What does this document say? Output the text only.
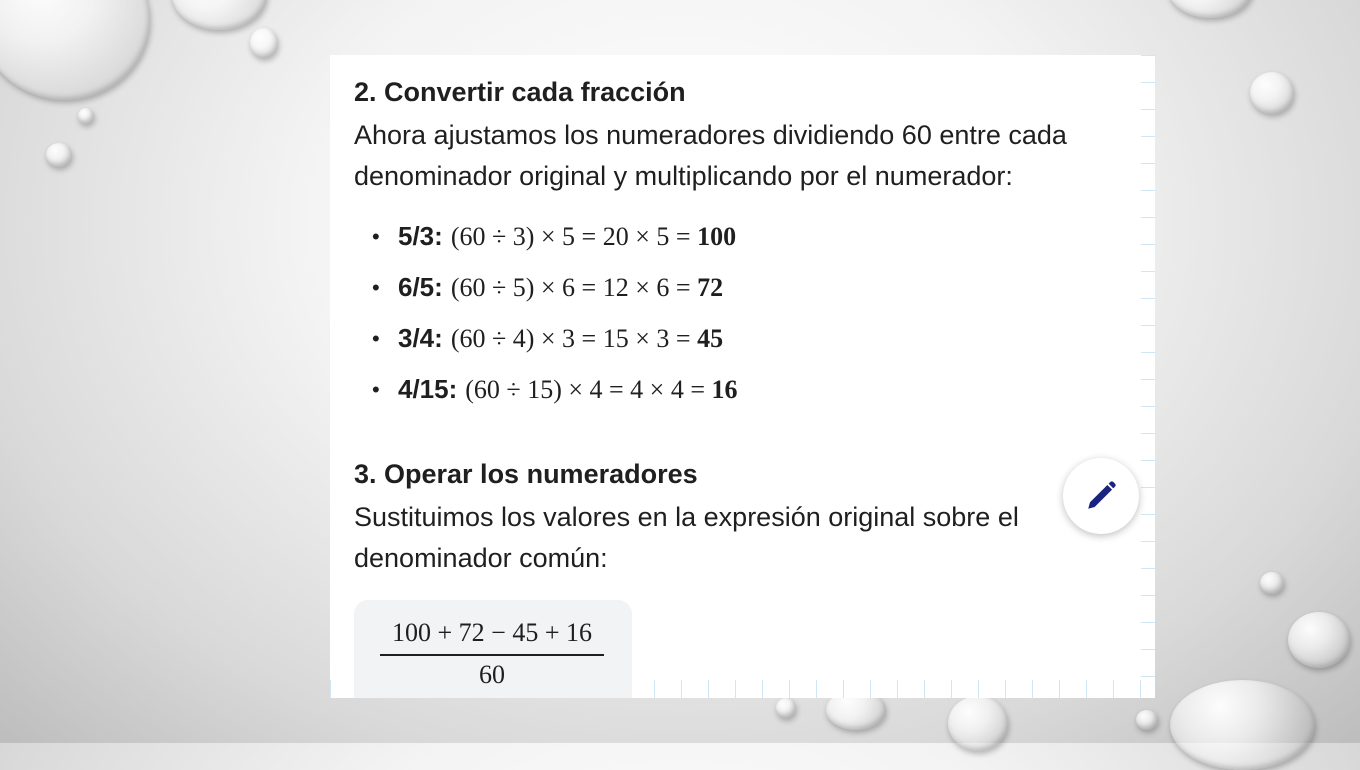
2. Convertir cada fracción

Ahora ajustamos los numeradores dividiendo 60 entre cada denominador original y multiplicando por el numerador:

• 5/3: (60 ÷ 3) × 5 = 20 × 5 = 100
• 6/5: (60 ÷ 5) × 6 = 12 × 6 = 72
• 3/4: (60 ÷ 4) × 3 = 15 × 3 = 45
• 4/15: (60 ÷ 15) × 4 = 4 × 4 = 16
3. Operar los numeradores

Sustituimos los valores en la expresión original sobre el denominador común:

$\frac{100 + 72 - 45 + 16}{60}$
